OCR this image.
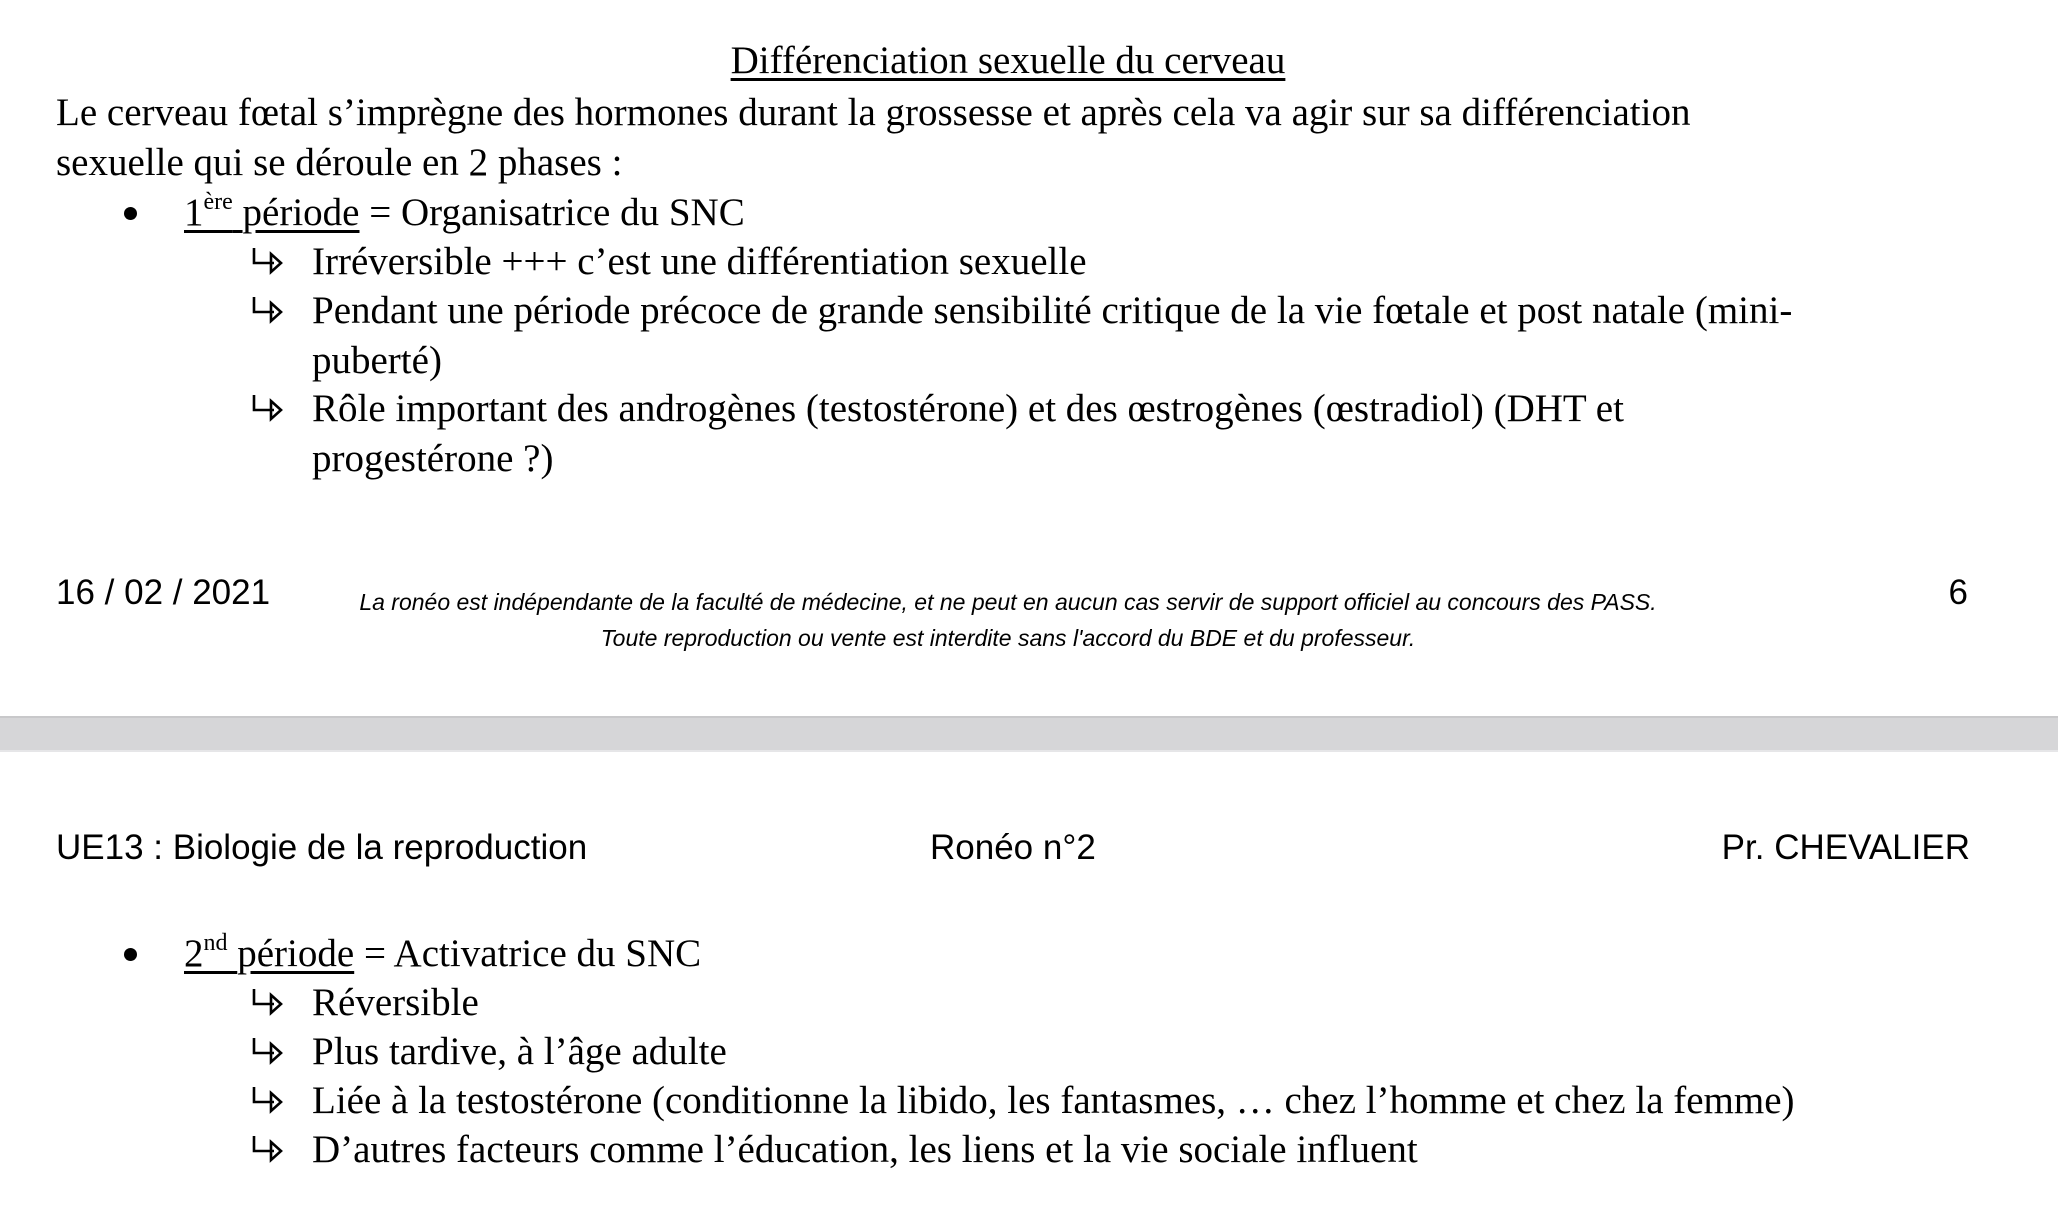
Différenciation sexuelle du cerveau
Le cerveau fœtal s’imprègne des hormones durant la grossesse et après cela va agir sur sa différenciation
sexuelle qui se déroule en 2 phases :
1ère période = Organisatrice du SNC
Irréversible +++ c’est une différentiation sexuelle
Pendant une période précoce de grande sensibilité critique de la vie fœtale et post natale (mini-
puberté)
Rôle important des androgènes (testostérone) et des œstrogènes (œstradiol) (DHT et
progestérone ?)
16 / 02 / 2021	La ronéo est indépendante de la faculté de médecine, et ne peut en aucun cas servir de support officiel au concours des PASS.
Toute reproduction ou vente est interdite sans l'accord du BDE et du professeur.
6
UE13 : Biologie de la reproduction	Ronéo n°2	Pr. CHEVALIER
2nd période = Activatrice du SNC
Réversible
Plus tardive, à l’âge adulte
Liée à la testostérone (conditionne la libido, les fantasmes, … chez l’homme et chez la femme)
D’autres facteurs comme l’éducation, les liens et la vie sociale influent
